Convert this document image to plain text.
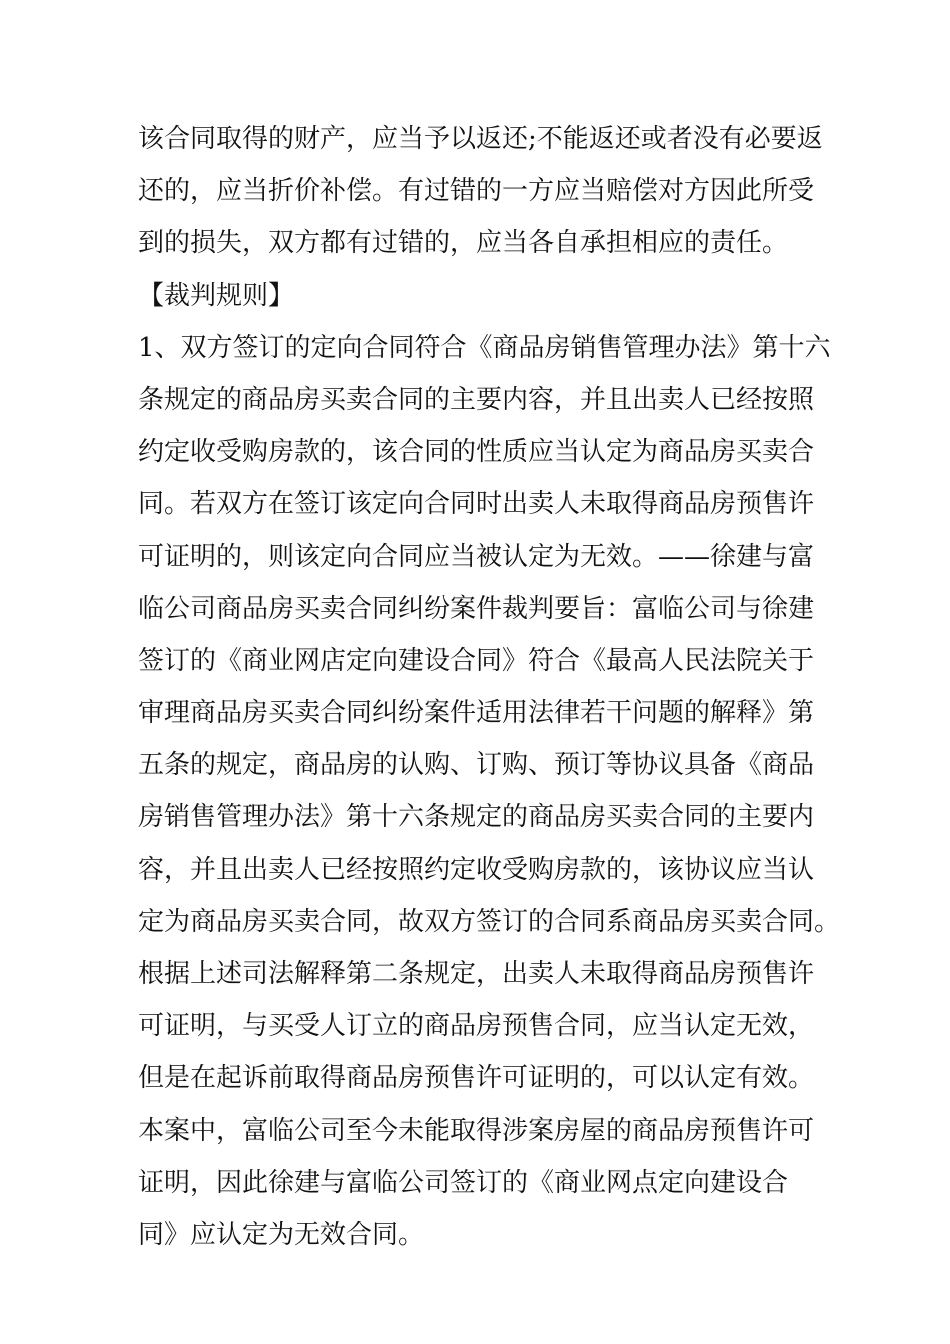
该合同取得的财产，应当予以返还;不能返还或者没有必要返
还的，应当折价补偿。有过错的一方应当赔偿对方因此所受
到的损失，双方都有过错的，应当各自承担相应的责任。
【裁判规则】
1、双方签订的定向合同符合《商品房销售管理办法》第十六
条规定的商品房买卖合同的主要内容，并且出卖人已经按照
约定收受购房款的，该合同的性质应当认定为商品房买卖合
同。若双方在签订该定向合同时出卖人未取得商品房预售许
可证明的，则该定向合同应当被认定为无效。——徐建与富
临公司商品房买卖合同纠纷案件裁判要旨：富临公司与徐建
签订的《商业网店定向建设合同》符合《最高人民法院关于
审理商品房买卖合同纠纷案件适用法律若干问题的解释》第
五条的规定，商品房的认购、订购、预订等协议具备《商品
房销售管理办法》第十六条规定的商品房买卖合同的主要内
容，并且出卖人已经按照约定收受购房款的，该协议应当认
定为商品房买卖合同，故双方签订的合同系商品房买卖合同。
根据上述司法解释第二条规定，出卖人未取得商品房预售许
可证明，与买受人订立的商品房预售合同，应当认定无效，
但是在起诉前取得商品房预售许可证明的，可以认定有效。
本案中，富临公司至今未能取得涉案房屋的商品房预售许可
证明，因此徐建与富临公司签订的《商业网点定向建设合
同》应认定为无效合同。
